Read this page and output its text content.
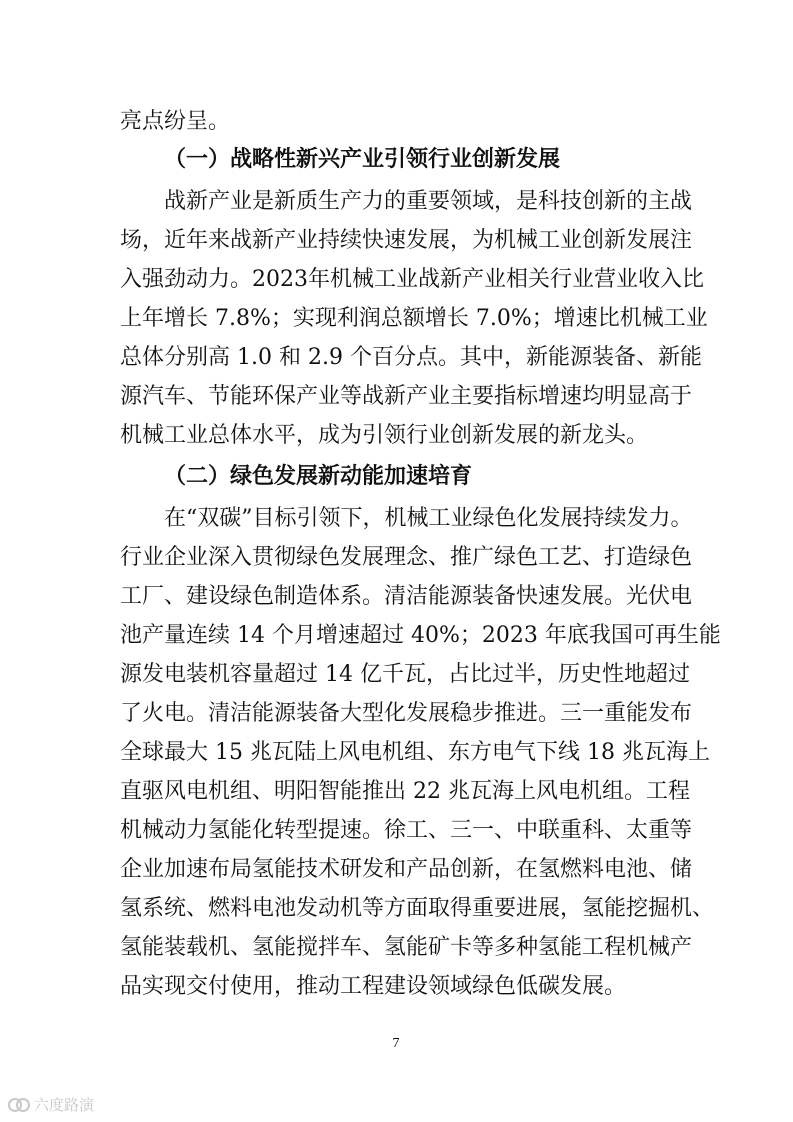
亮点纷呈。
（一）战略性新兴产业引领行业创新发展
战新产业是新质生产力的重要领域，是科技创新的主战
场，近年来战新产业持续快速发展，为机械工业创新发展注
入强劲动力。2023年机械工业战新产业相关行业营业收入比
上年增长 7.8%；实现利润总额增长 7.0%；增速比机械工业
总体分别高 1.0 和 2.9 个百分点。其中，新能源装备、新能
源汽车、节能环保产业等战新产业主要指标增速均明显高于
机械工业总体水平，成为引领行业创新发展的新龙头。
（二）绿色发展新动能加速培育
在“双碳”目标引领下，机械工业绿色化发展持续发力。
行业企业深入贯彻绿色发展理念、推广绿色工艺、打造绿色
工厂、建设绿色制造体系。清洁能源装备快速发展。光伏电
池产量连续 14 个月增速超过 40%；2023 年底我国可再生能
源发电装机容量超过 14 亿千瓦，占比过半，历史性地超过
了火电。清洁能源装备大型化发展稳步推进。三一重能发布
全球最大 15 兆瓦陆上风电机组、东方电气下线 18 兆瓦海上
直驱风电机组、明阳智能推出 22 兆瓦海上风电机组。工程
机械动力氢能化转型提速。徐工、三一、中联重科、太重等
企业加速布局氢能技术研发和产品创新，在氢燃料电池、储
氢系统、燃料电池发动机等方面取得重要进展，氢能挖掘机、
氢能装载机、氢能搅拌车、氢能矿卡等多种氢能工程机械产
品实现交付使用，推动工程建设领域绿色低碳发展。
7
六度路演
